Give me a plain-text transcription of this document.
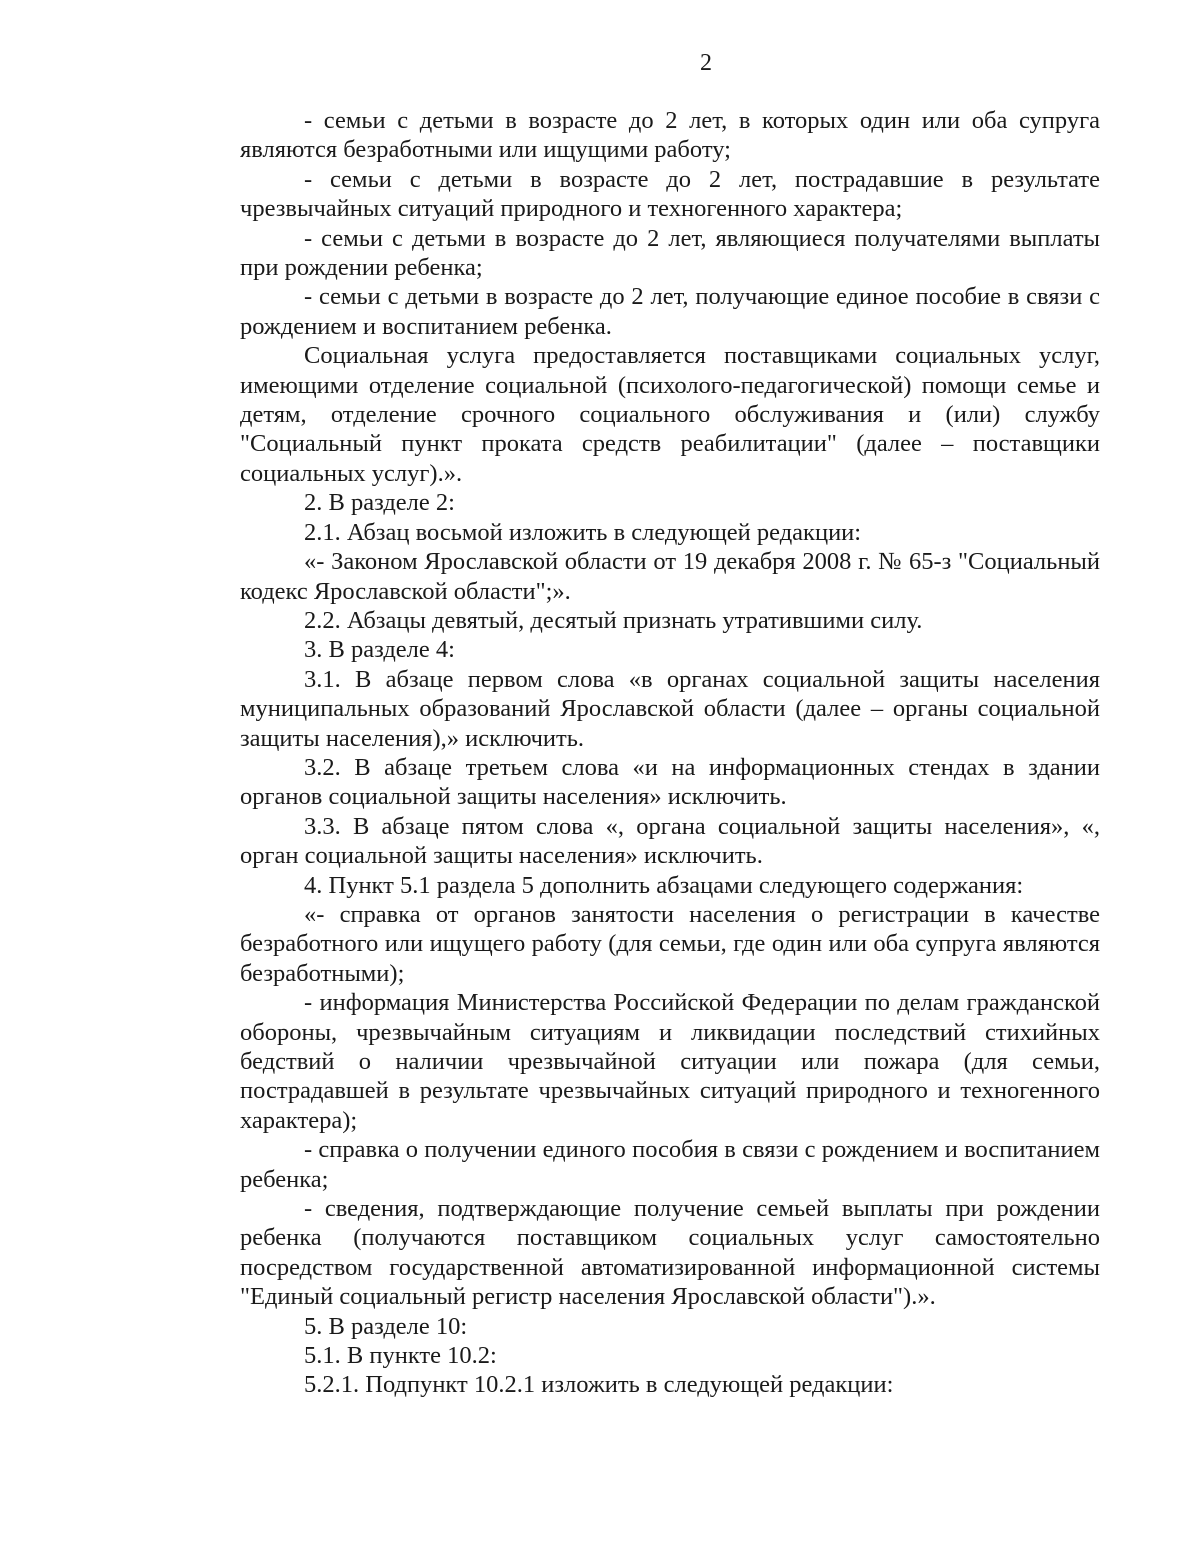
2

- семьи с детьми в возрасте до 2 лет, в которых один или оба супруга являются безработными или ищущими работу;

- семьи с детьми в возрасте до 2 лет, пострадавшие в результате чрезвычайных ситуаций природного и техногенного характера;

- семьи с детьми в возрасте до 2 лет, являющиеся получателями выплаты при рождении ребенка;

- семьи с детьми в возрасте до 2 лет, получающие единое пособие в связи с рождением и воспитанием ребенка.

Социальная услуга предоставляется поставщиками социальных услуг, имеющими отделение социальной (психолого-педагогической) помощи семье и детям, отделение срочного социального обслуживания и (или) службу "Социальный пункт проката средств реабилитации" (далее – поставщики социальных услуг).».

2. В разделе 2:

2.1. Абзац восьмой изложить в следующей редакции:

«- Законом Ярославской области от 19 декабря 2008 г. № 65-з "Социальный кодекс Ярославской области";».

2.2. Абзацы девятый, десятый признать утратившими силу.

3. В разделе 4:

3.1. В абзаце первом слова «в органах социальной защиты населения муниципальных образований Ярославской области (далее – органы социальной защиты населения),» исключить.

3.2. В абзаце третьем слова «и на информационных стендах в здании органов социальной защиты населения» исключить.

3.3. В абзаце пятом слова «, органа социальной защиты населения», «, орган социальной защиты населения» исключить.

4. Пункт 5.1 раздела 5 дополнить абзацами следующего содержания:

«- справка от органов занятости населения о регистрации в качестве безработного или ищущего работу (для семьи, где один или оба супруга являются безработными);

- информация Министерства Российской Федерации по делам гражданской обороны, чрезвычайным ситуациям и ликвидации последствий стихийных бедствий о наличии чрезвычайной ситуации или пожара (для семьи, пострадавшей в результате чрезвычайных ситуаций природного и техногенного характера);

- справка о получении единого пособия в связи с рождением и воспитанием ребенка;

- сведения, подтверждающие получение семьей выплаты при рождении ребенка (получаются поставщиком социальных услуг самостоятельно посредством государственной автоматизированной информационной системы "Единый социальный регистр населения Ярославской области").».

5. В разделе 10:

5.1. В пункте 10.2:

5.2.1. Подпункт 10.2.1 изложить в следующей редакции:
